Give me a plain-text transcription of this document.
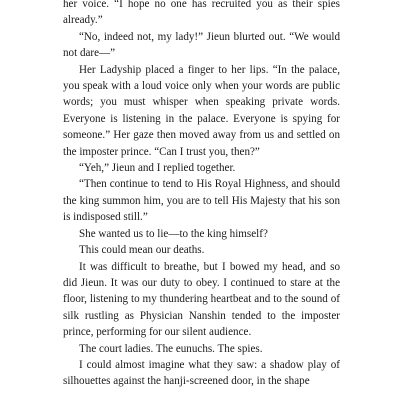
her voice. “I hope no one has recruited you as their spies already.”

“No, indeed not, my lady!” Jieun blurted out. “We would not dare—”

Her Ladyship placed a finger to her lips. “In the palace, you speak with a loud voice only when your words are public words; you must whisper when speaking private words. Everyone is listening in the palace. Everyone is spying for someone.” Her gaze then moved away from us and settled on the imposter prince. “Can I trust you, then?”

“Yeh,” Jieun and I replied together.

“Then continue to tend to His Royal Highness, and should the king summon him, you are to tell His Majesty that his son is indisposed still.”

She wanted us to lie—to the king himself?

This could mean our deaths.

It was difficult to breathe, but I bowed my head, and so did Jieun. It was our duty to obey. I continued to stare at the floor, listening to my thundering heartbeat and to the sound of silk rustling as Physician Nanshin tended to the imposter prince, performing for our silent audience.

The court ladies. The eunuchs. The spies.

I could almost imagine what they saw: a shadow play of silhouettes against the hanji-screened door, in the shape
